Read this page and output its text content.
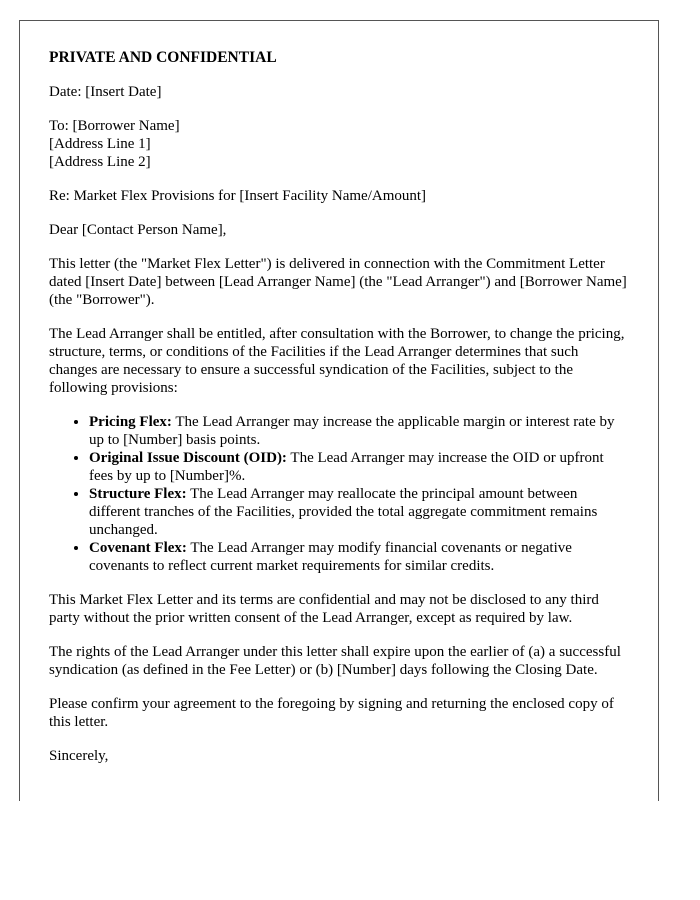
PRIVATE AND CONFIDENTIAL

Date: [Insert Date]

To: [Borrower Name]
[Address Line 1]
[Address Line 2]

Re: Market Flex Provisions for [Insert Facility Name/Amount]

Dear [Contact Person Name],

This letter (the "Market Flex Letter") is delivered in connection with the Commitment Letter dated [Insert Date] between [Lead Arranger Name] (the "Lead Arranger") and [Borrower Name] (the "Borrower").

The Lead Arranger shall be entitled, after consultation with the Borrower, to change the pricing, structure, terms, or conditions of the Facilities if the Lead Arranger determines that such changes are necessary to ensure a successful syndication of the Facilities, subject to the following provisions:

• Pricing Flex: The Lead Arranger may increase the applicable margin or interest rate by up to [Number] basis points.
• Original Issue Discount (OID): The Lead Arranger may increase the OID or upfront fees by up to [Number]%.
• Structure Flex: The Lead Arranger may reallocate the principal amount between different tranches of the Facilities, provided the total aggregate commitment remains unchanged.
• Covenant Flex: The Lead Arranger may modify financial covenants or negative covenants to reflect current market requirements for similar credits.

This Market Flex Letter and its terms are confidential and may not be disclosed to any third party without the prior written consent of the Lead Arranger, except as required by law.

The rights of the Lead Arranger under this letter shall expire upon the earlier of (a) a successful syndication (as defined in the Fee Letter) or (b) [Number] days following the Closing Date.

Please confirm your agreement to the foregoing by signing and returning the enclosed copy of this letter.

Sincerely,
